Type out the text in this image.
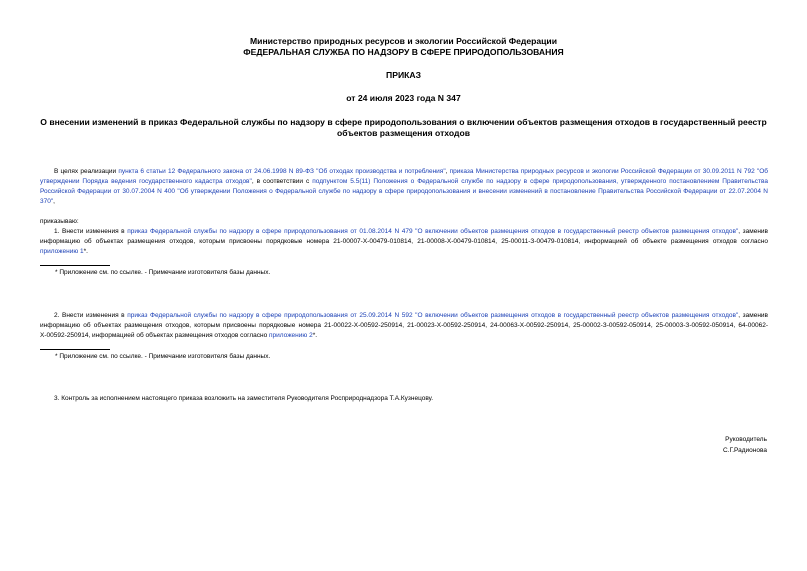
Министерство природных ресурсов и экологии Российской Федерации
ФЕДЕРАЛЬНАЯ СЛУЖБА ПО НАДЗОРУ В СФЕРЕ ПРИРОДОПОЛЬЗОВАНИЯ
ПРИКАЗ
от 24 июля 2023 года N 347
О внесении изменений в приказ Федеральной службы по надзору в сфере природопользования о включении объектов размещения отходов в государственный реестр объектов размещения отходов
В целях реализации пункта 6 статьи 12 Федерального закона от 24.06.1998 N 89-ФЗ "Об отходах производства и потребления", приказа Министерства природных ресурсов и экологии Российской Федерации от 30.09.2011 N 792 "Об утверждении Порядка ведения государственного кадастра отходов", в соответствии с подпунктом 5.5(11) Положения о Федеральной службе по надзору в сфере природопользования, утвержденного постановлением Правительства Российской Федерации от 30.07.2004 N 400 "Об утверждении Положения о Федеральной службе по надзору в сфере природопользования и внесении изменений в постановление Правительства Российской Федерации от 22.07.2004 N 370",
приказываю:
1. Внести изменения в приказ Федеральной службы по надзору в сфере природопользования от 01.08.2014 N 479 "О включении объектов размещения отходов в государственный реестр объектов размещения отходов", заменив информацию об объектах размещения отходов, которым присвоены порядковые номера 21-00007-Х-00479-010814, 21-00008-Х-00479-010814, 25-00011-З-00479-010814, информацией об объекте размещения отходов согласно приложению 1*.
* Приложение см. по ссылке. - Примечание изготовителя базы данных.
2. Внести изменения в приказ Федеральной службы по надзору в сфере природопользования от 25.09.2014 N 592 "О включении объектов размещения отходов в государственный реестр объектов размещения отходов", заменив информацию об объектах размещения отходов, которым присвоены порядковые номера 21-00022-Х-00592-250914, 21-00023-Х-00592-250914, 24-00063-Х-00592-250914, 25-00002-З-00592-050914, 25-00003-З-00592-050914, 64-00062-Х-00592-250914, информацией об объектах размещения отходов согласно приложению 2*.
* Приложение см. по ссылке. - Примечание изготовителя базы данных.
3. Контроль за исполнением настоящего приказа возложить на заместителя Руководителя Росприроднадзора Т.А.Кузнецову.
Руководитель
С.Г.Радионова
